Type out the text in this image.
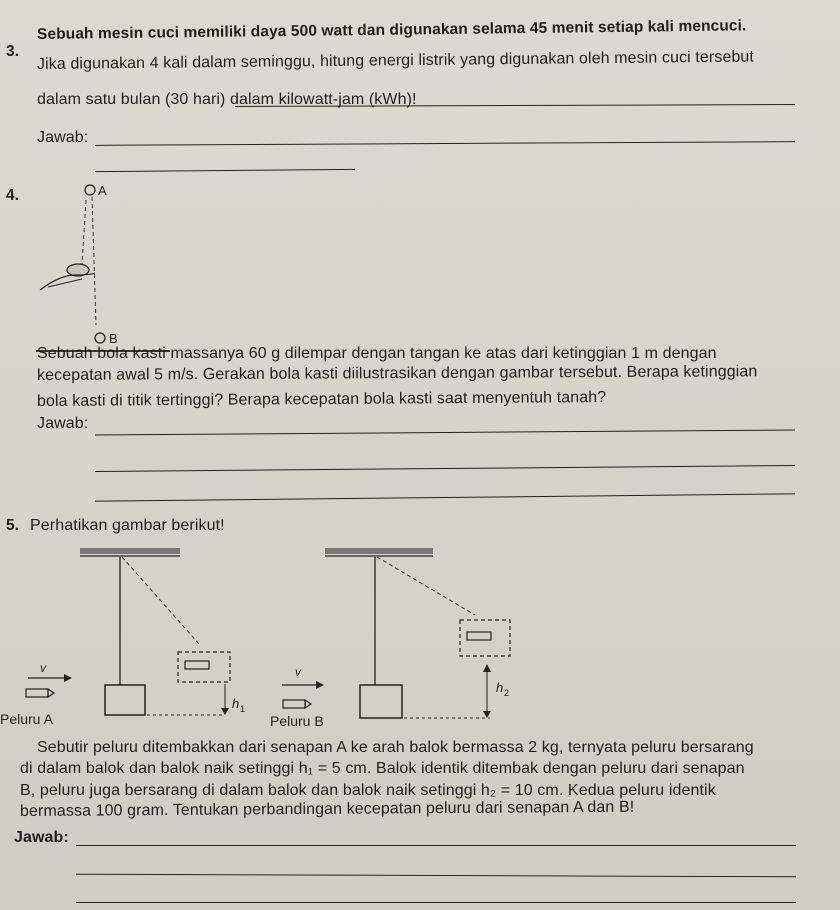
3.
Sebuah mesin cuci memiliki daya 500 watt dan digunakan selama 45 menit setiap kali mencuci.
Jika digunakan 4 kali dalam seminggu, hitung energi listrik yang digunakan oleh mesin cuci tersebut
dalam satu bulan (30 hari) dalam kilowatt-jam (kWh)!
Jawab:
4.	A
B
Sebuah bola kasti massanya 60 g dilempar dengan tangan ke atas dari ketinggian 1 m dengan
kecepatan awal 5 m/s. Gerakan bola kasti diilustrasikan dengan gambar tersebut. Berapa ketinggian
bola kasti di titik tertinggi? Berapa kecepatan bola kasti saat menyentuh tanah?
Jawab:
5. Perhatikan gambar berikut!
h 1
v
Peluru A
h 2
v
Peluru B
Sebutir peluru ditembakkan dari senapan A ke arah balok bermassa 2 kg, ternyata peluru bersarang
di dalam balok dan balok naik setinggi h₁ = 5 cm. Balok identik ditembak dengan peluru dari senapan
B, peluru juga bersarang di dalam balok dan balok naik setinggi h₂ = 10 cm. Kedua peluru identik
bermassa 100 gram. Tentukan perbandingan kecepatan peluru dari senapan A dan B!
Jawab:
